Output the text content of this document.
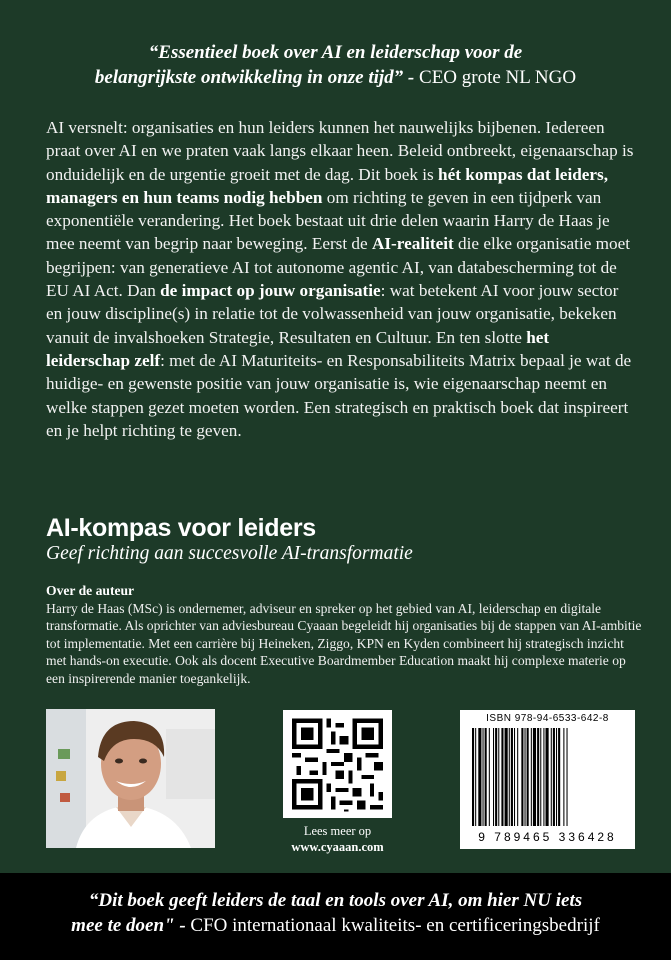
“Essentieel boek over AI en leiderschap voor de
belangrijkste ontwikkeling in onze tijd” - CEO grote NL NGO
AI versnelt: organisaties en hun leiders kunnen het nauwelijks bijbenen. Iedereen praat over AI en we praten vaak langs elkaar heen. Beleid ontbreekt, eigenaarschap is onduidelijk en de urgentie groeit met de dag. Dit boek is hét kompas dat leiders, managers en hun teams nodig hebben om richting te geven in een tijdperk van exponentiële verandering. Het boek bestaat uit drie delen waarin Harry de Haas je mee neemt van begrip naar beweging. Eerst de AI-realiteit die elke organisatie moet begrijpen: van generatieve AI tot autonome agentic AI, van databescherming tot de EU AI Act. Dan de impact op jouw organisatie: wat betekent AI voor jouw sector en jouw discipline(s) in relatie tot de volwassenheid van jouw organisatie, bekeken vanuit de invalshoeken Strategie, Resultaten en Cultuur. En ten slotte het leiderschap zelf: met de AI Maturiteits- en Responsabiliteits Matrix bepaal je wat de huidige- en gewenste positie van jouw organisatie is, wie eigenaarschap neemt en welke stappen gezet moeten worden. Een strategisch en praktisch boek dat inspireert en je helpt richting te geven.
AI-kompas voor leiders
Geef richting aan succesvolle AI-transformatie
Over de auteur
Harry de Haas (MSc) is ondernemer, adviseur en spreker op het gebied van AI, leiderschap en digitale transformatie. Als oprichter van adviesbureau Cyaaan begeleidt hij organisaties bij de stappen van AI-ambitie tot implementatie. Met een carrière bij Heineken, Ziggo, KPN en Kyden combineert hij strategisch inzicht met hands-on executie. Ook als docent Executive Boardmember Education maakt hij complexe materie op een inspirerende manier toegankelijk.
Lees meer op
www.cyaaan.com
ISBN 978-94-6533-642-8
9 789465 336428
“Dit boek geeft leiders de taal en tools over AI, om hier NU iets
mee te doen" - CFO internationaal kwaliteits- en certificeringsbedrijf
